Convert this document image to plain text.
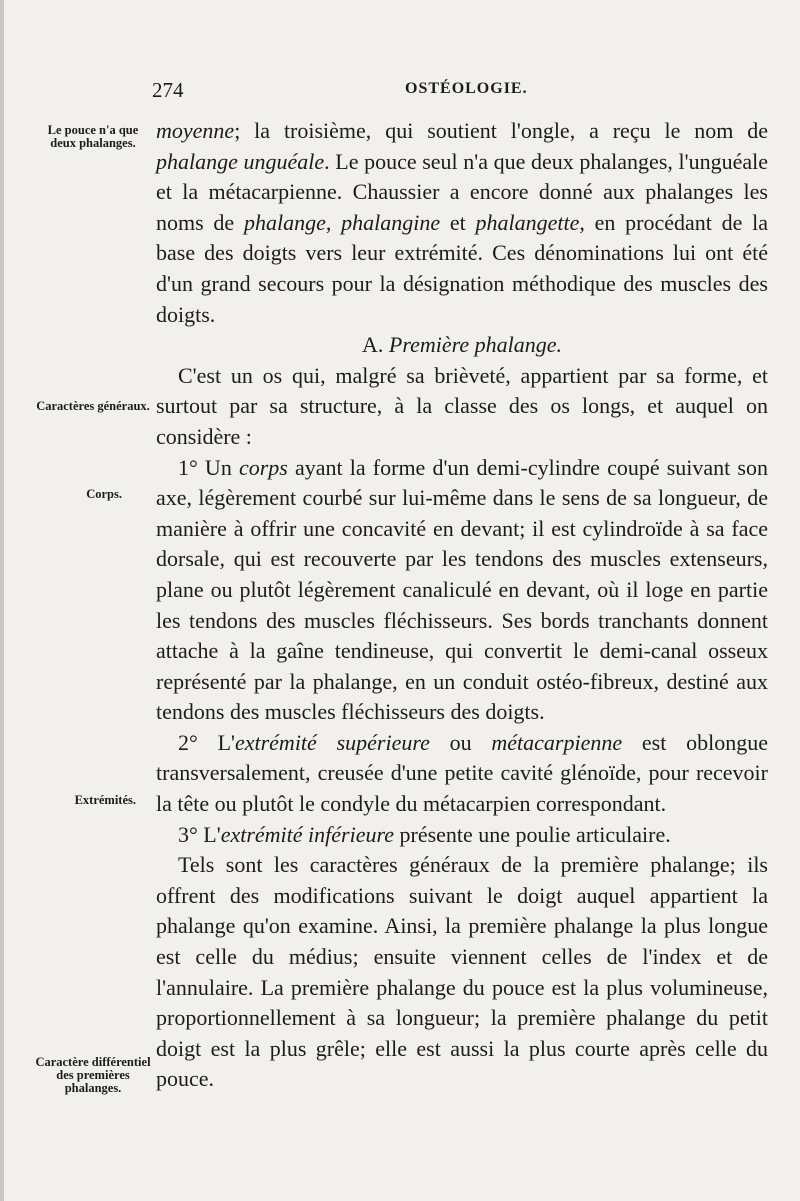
274	OSTÉOLOGIE.
Le pouce n'a que deux phalanges.
Caractères généraux.
Corps.
Extrémités.
Caractère différentiel des premières phalanges.

moyenne; la troisième, qui soutient l'ongle, a reçu le nom de phalange unguéale. Le pouce seul n'a que deux phalanges, l'unguéale et la métacarpienne. Chaussier a encore donné aux phalanges les noms de phalange, phalangine et phalangette, en procédant de la base des doigts vers leur extrémité. Ces dénominations lui ont été d'un grand secours pour la désignation méthodique des muscles des doigts.

A. Première phalange.

C'est un os qui, malgré sa brièveté, appartient par sa forme, et surtout par sa structure, à la classe des os longs, et auquel on considère :

1° Un corps ayant la forme d'un demi-cylindre coupé suivant son axe, légèrement courbé sur lui-même dans le sens de sa longueur, de manière à offrir une concavité en devant; il est cylindroïde à sa face dorsale, qui est recouverte par les tendons des muscles extenseurs, plane ou plutôt légèrement canaliculé en devant, où il loge en partie les tendons des muscles fléchisseurs. Ses bords tranchants donnent attache à la gaîne tendineuse, qui convertit le demi-canal osseux représenté par la phalange, en un conduit ostéo-fibreux, destiné aux tendons des muscles fléchisseurs des doigts.

2° L'extrémité supérieure ou métacarpienne est oblongue transversalement, creusée d'une petite cavité glénoïde, pour recevoir la tête ou plutôt le condyle du métacarpien correspondant.

3° L'extrémité inférieure présente une poulie articulaire.

Tels sont les caractères généraux de la première phalange; ils offrent des modifications suivant le doigt auquel appartient la phalange qu'on examine. Ainsi, la première phalange la plus longue est celle du médius; ensuite viennent celles de l'index et de l'annulaire. La première phalange du pouce est la plus volumineuse, proportionnellement à sa longueur; la première phalange du petit doigt est la plus grêle; elle est aussi la plus courte après celle du pouce.
